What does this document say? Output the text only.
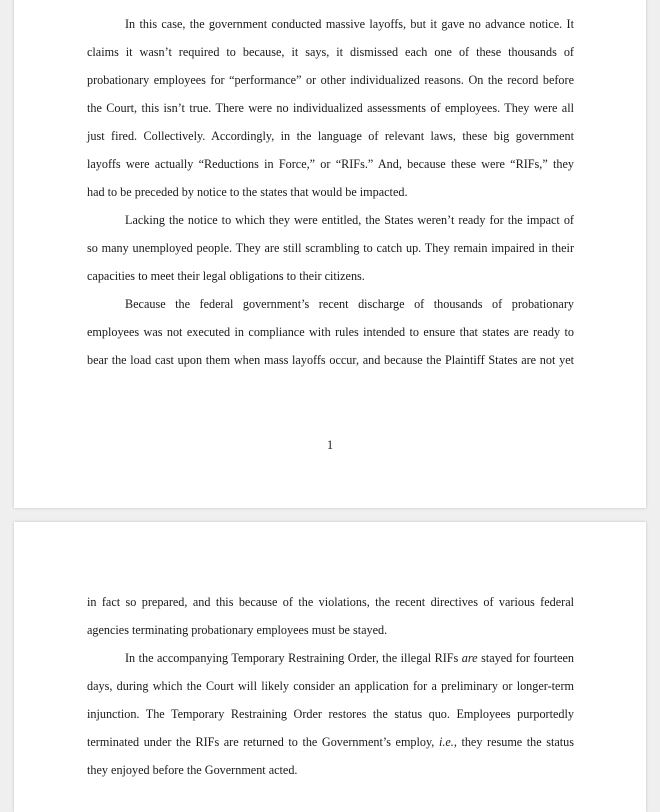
In this case, the government conducted massive layoffs, but it gave no advance notice. It
claims it wasn’t required to because, it says, it dismissed each one of these thousands of
probationary employees for “performance” or other individualized reasons. On the record before
the Court, this isn’t true. There were no individualized assessments of employees. They were all
just fired. Collectively. Accordingly, in the language of relevant laws, these big government
layoffs were actually “Reductions in Force,” or “RIFs.” And, because these were “RIFs,” they
had to be preceded by notice to the states that would be impacted.
Lacking the notice to which they were entitled, the States weren’t ready for the impact of
so many unemployed people. They are still scrambling to catch up. They remain impaired in their
capacities to meet their legal obligations to their citizens.
Because the federal government’s recent discharge of thousands of probationary
employees was not executed in compliance with rules intended to ensure that states are ready to
bear the load cast upon them when mass layoffs occur, and because the Plaintiff States are not yet
1
in fact so prepared, and this because of the violations, the recent directives of various federal
agencies terminating probationary employees must be stayed.
In the accompanying Temporary Restraining Order, the illegal RIFs are stayed for fourteen
days, during which the Court will likely consider an application for a preliminary or longer-term
injunction. The Temporary Restraining Order restores the status quo. Employees purportedly
terminated under the RIFs are returned to the Government’s employ, i.e., they resume the status
they enjoyed before the Government acted.
